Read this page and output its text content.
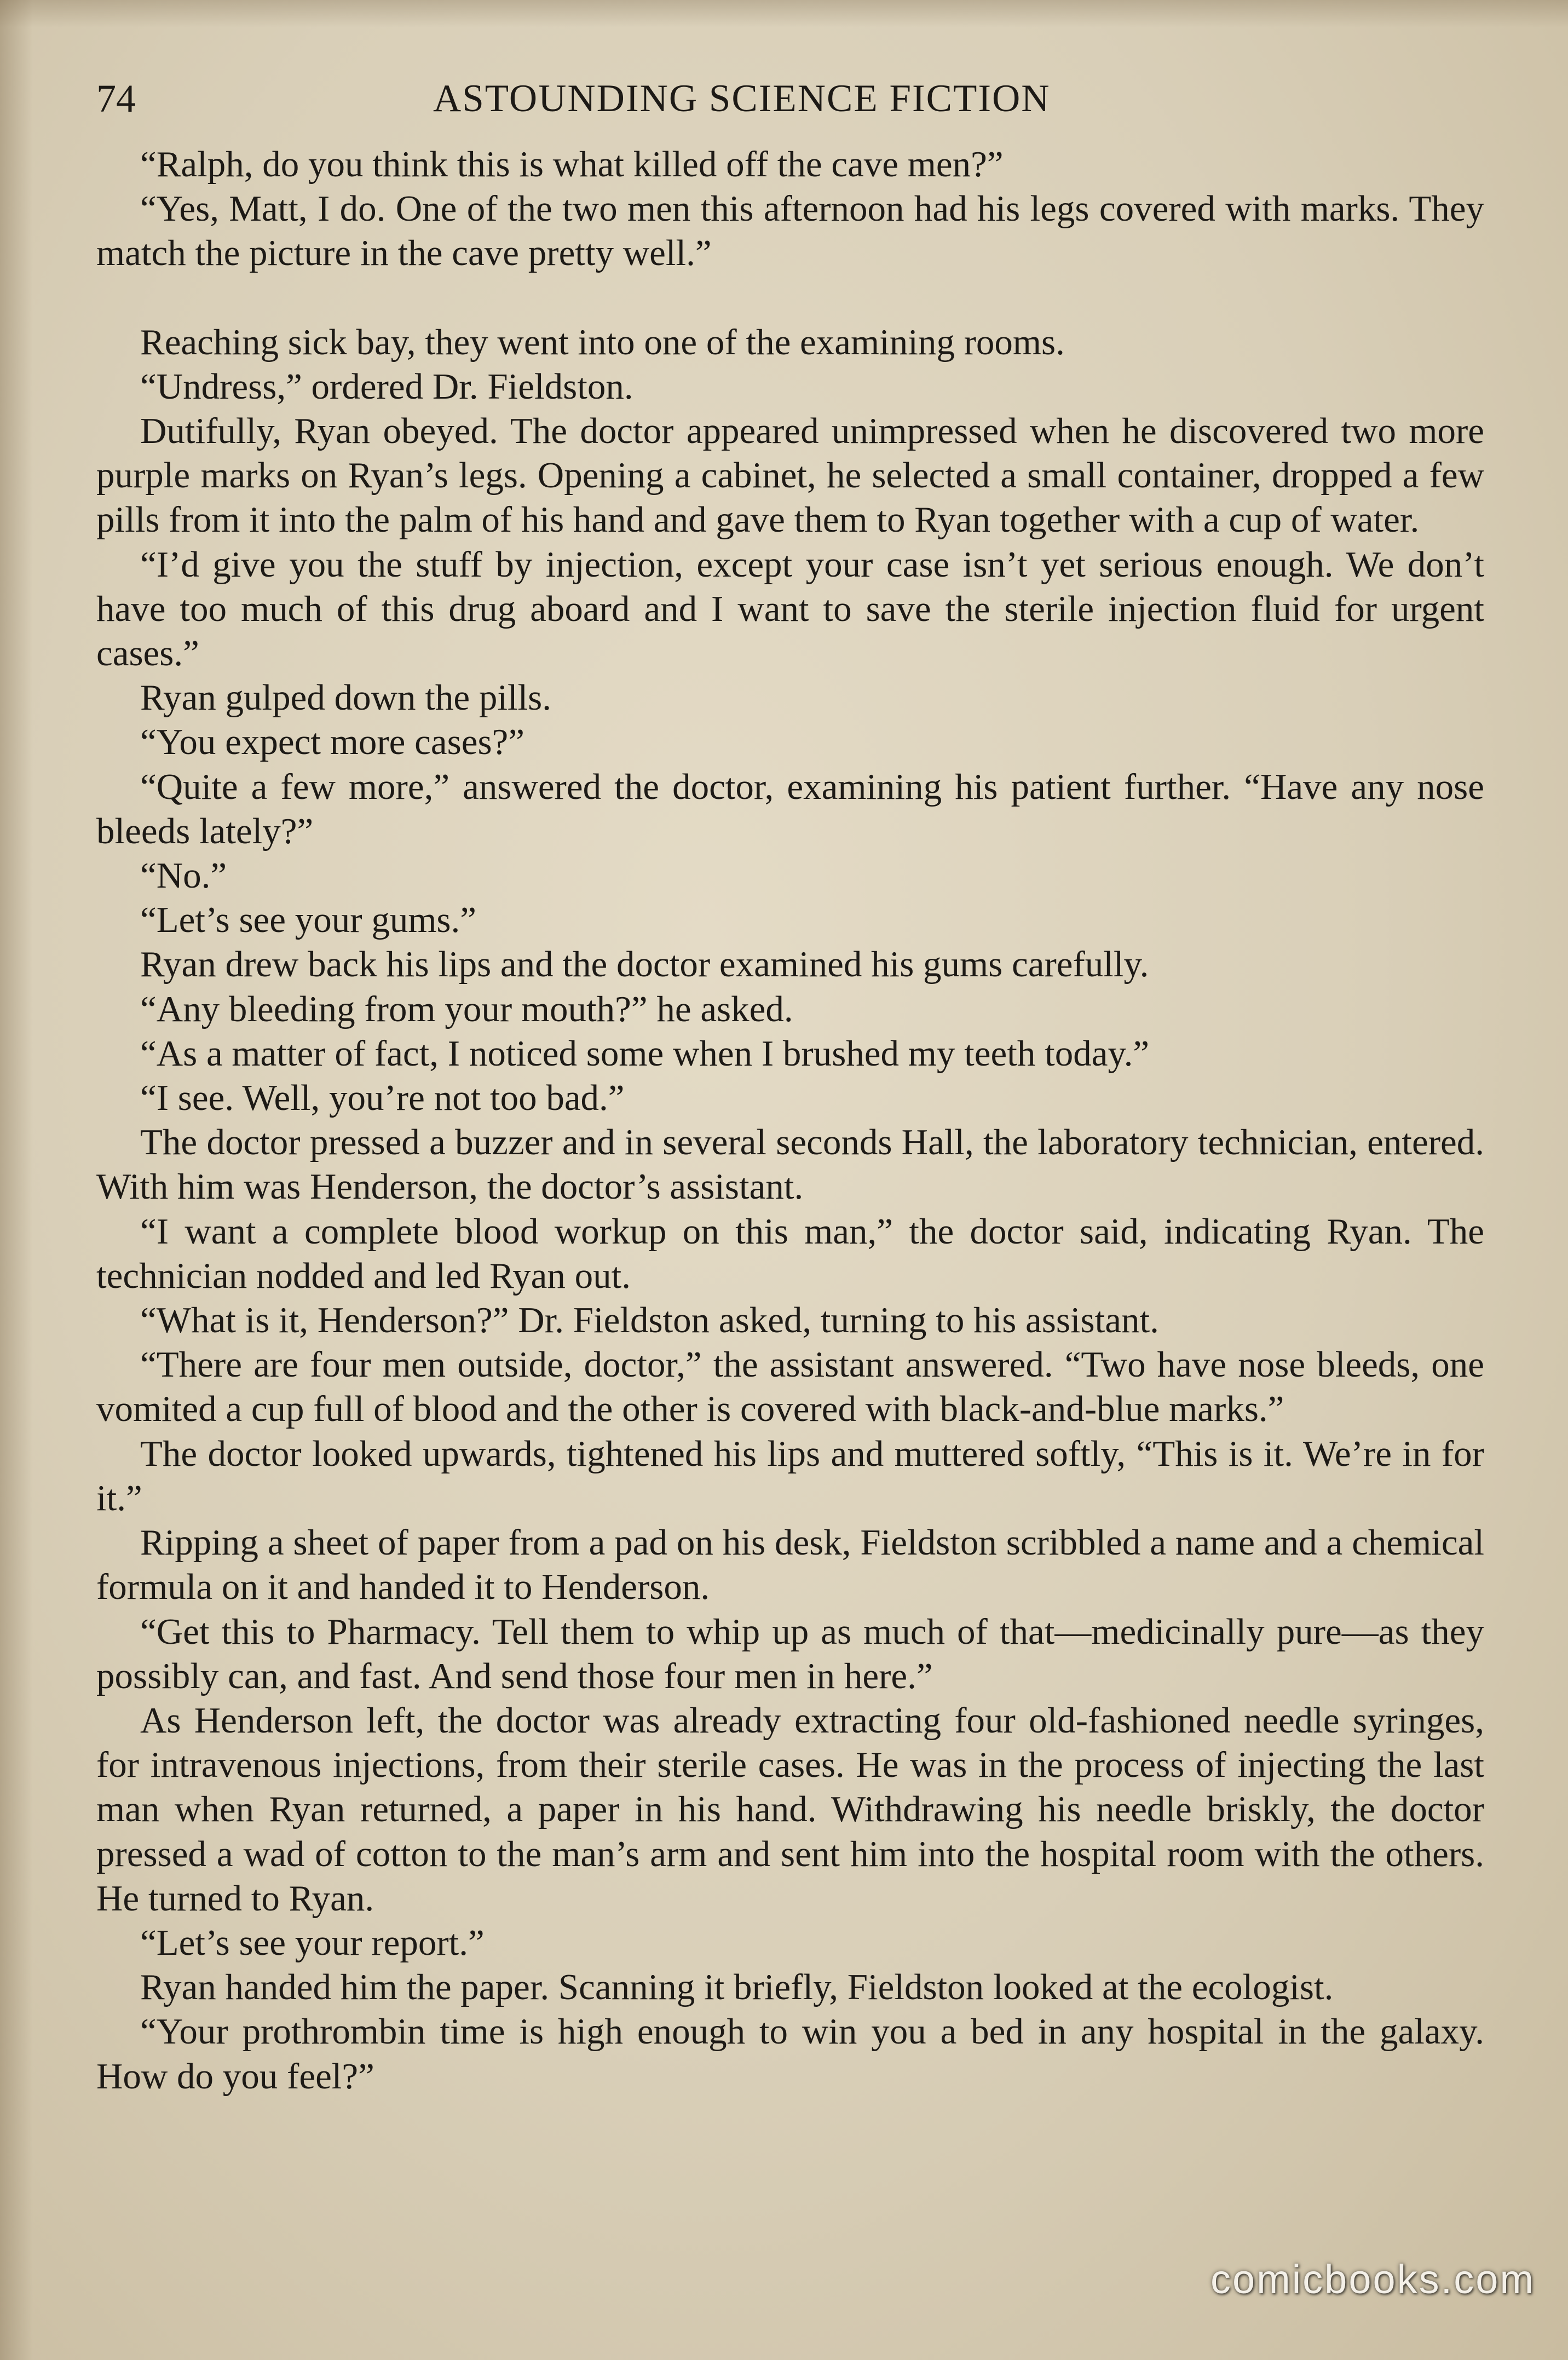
74	ASTOUNDING SCIENCE FICTION

“Ralph, do you think this is what killed off the cave men?”

“Yes, Matt, I do. One of the two men this afternoon had his legs covered with marks. They match the picture in the cave pretty well.”

Reaching sick bay, they went into one of the examining rooms.

“Undress,” ordered Dr. Fieldston.

Dutifully, Ryan obeyed. The doctor appeared unimpressed when he discovered two more purple marks on Ryan’s legs. Opening a cabinet, he selected a small container, dropped a few pills from it into the palm of his hand and gave them to Ryan together with a cup of water.

“I’d give you the stuff by injection, except your case isn’t yet serious enough. We don’t have too much of this drug aboard and I want to save the sterile injection fluid for urgent cases.”

Ryan gulped down the pills.

“You expect more cases?”

“Quite a few more,” answered the doctor, examining his patient further. “Have any nose bleeds lately?”

“No.”

“Let’s see your gums.”

Ryan drew back his lips and the doctor examined his gums carefully.

“Any bleeding from your mouth?” he asked.

“As a matter of fact, I noticed some when I brushed my teeth today.”

“I see. Well, you’re not too bad.”

The doctor pressed a buzzer and in several seconds Hall, the laboratory technician, entered. With him was Henderson, the doctor’s assistant.

“I want a complete blood workup on this man,” the doctor said, indicating Ryan. The technician nodded and led Ryan out.

“What is it, Henderson?” Dr. Fieldston asked, turning to his assistant.

“There are four men outside, doctor,” the assistant answered. “Two have nose bleeds, one vomited a cup full of blood and the other is covered with black-and-blue marks.”

The doctor looked upwards, tightened his lips and muttered softly, “This is it. We’re in for it.”

Ripping a sheet of paper from a pad on his desk, Fieldston scribbled a name and a chemical formula on it and handed it to Henderson.

“Get this to Pharmacy. Tell them to whip up as much of that—medicinally pure—as they possibly can, and fast. And send those four men in here.”

As Henderson left, the doctor was already extracting four old-fashioned needle syringes, for intravenous injections, from their sterile cases. He was in the process of injecting the last man when Ryan returned, a paper in his hand. Withdrawing his needle briskly, the doctor pressed a wad of cotton to the man’s arm and sent him into the hospital room with the others. He turned to Ryan.

“Let’s see your report.”

Ryan handed him the paper. Scanning it briefly, Fieldston looked at the ecologist.

“Your prothrombin time is high enough to win you a bed in any hospital in the galaxy. How do you feel?”

comicbooks.com
